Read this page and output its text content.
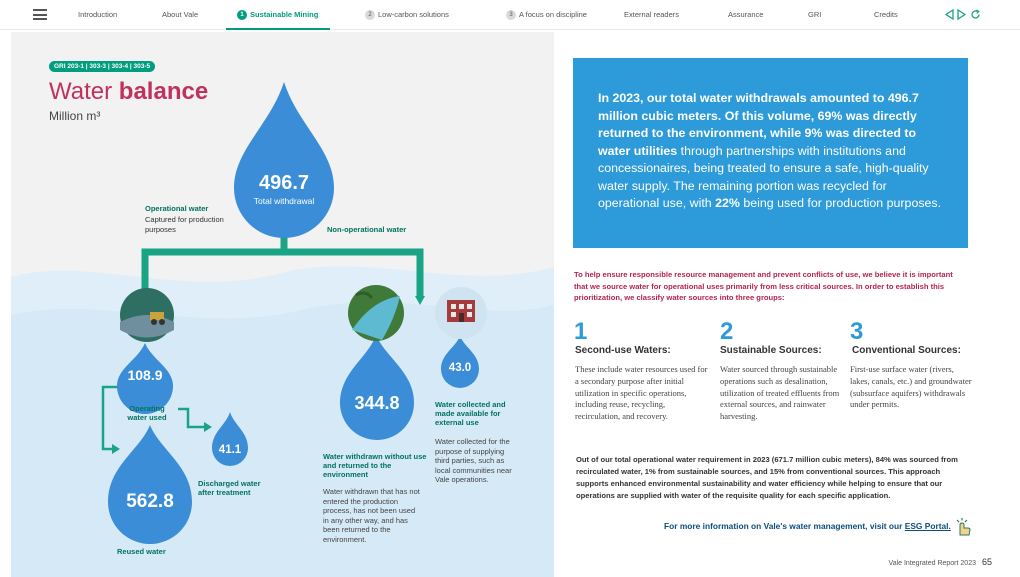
Introduction	About Vale	1 Sustainable Mining	2 Low-carbon solutions	3 A focus on discipline	External readers	Assurance	GRI	Credits
GRI 203-1 | 303-3 | 303-4 | 303-5
Water balance
Million m³
496.7
Total withdrawal
108.9
562.8
41.1
344.8
43.0
Operational water
Captured for production purposes	Non-operational water
Operating water used
Discharged water after treatment
Reused water
Water withdrawn without use and returned to the environment
Water withdrawn that has not entered the production process, has not been used in any other way, and has been returned to the environment.
Water collected and made available for external use
Water collected for the purpose of supplying third parties, such as local communities near Vale operations.
In 2023, our total water withdrawals amounted to 496.7 million cubic meters. Of this volume, 69% was directly returned to the environment, while 9% was directed to water utilities through partnerships with institutions and concessionaires, being treated to ensure a safe, high-quality water supply. The remaining portion was recycled for operational use, with 22% being used for production purposes.
To help ensure responsible resource management and prevent conflicts of use, we believe it is important that we source water for operational uses primarily from less critical sources. In order to establish this prioritization, we classify water sources into three groups:
1
Second-use Waters:
These include water resources used for a secondary purpose after initial utilization in specific operations, including reuse, recycling, recirculation, and recovery.
2
Sustainable Sources:
Water sourced through sustainable operations such as desalination, utilization of treated effluents from external sources, and rainwater harvesting.
3
Conventional Sources:
First-use surface water (rivers, lakes, canals, etc.) and groundwater (subsurface aquifers) withdrawals under permits.
Out of our total operational water requirement in 2023 (671.7 million cubic meters), 84% was sourced from recirculated water, 1% from sustainable sources, and 15% from conventional sources. This approach supports enhanced environmental sustainability and water efficiency while helping to ensure that our operations are supplied with water of the requisite quality for each specific application.
For more information on Vale's water management, visit our ESG Portal.
Vale Integrated Report 2023 65
